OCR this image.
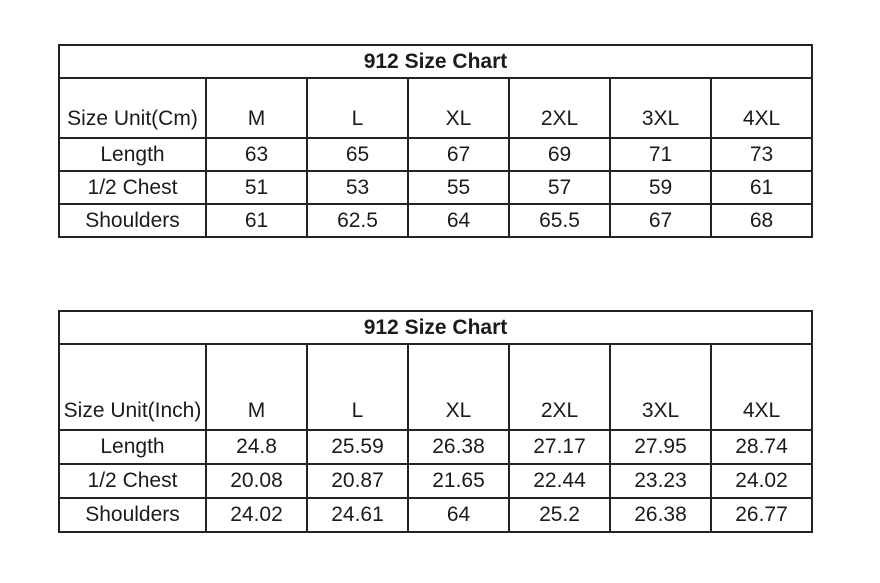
912 Size Chart						
Size Unit(Cm)	M	L	XL	2XL	3XL	4XL
Length	63	65	67	69	71	73
1/2 Chest	51	53	55	57	59	61
Shoulders	61	62.5	64	65.5	67	68
912 Size Chart						
Size Unit(Inch)	M	L	XL	2XL	3XL	4XL
Length	24.8	25.59	26.38	27.17	27.95	28.74
1/2 Chest	20.08	20.87	21.65	22.44	23.23	24.02
Shoulders	24.02	24.61	64	25.2	26.38	26.77
